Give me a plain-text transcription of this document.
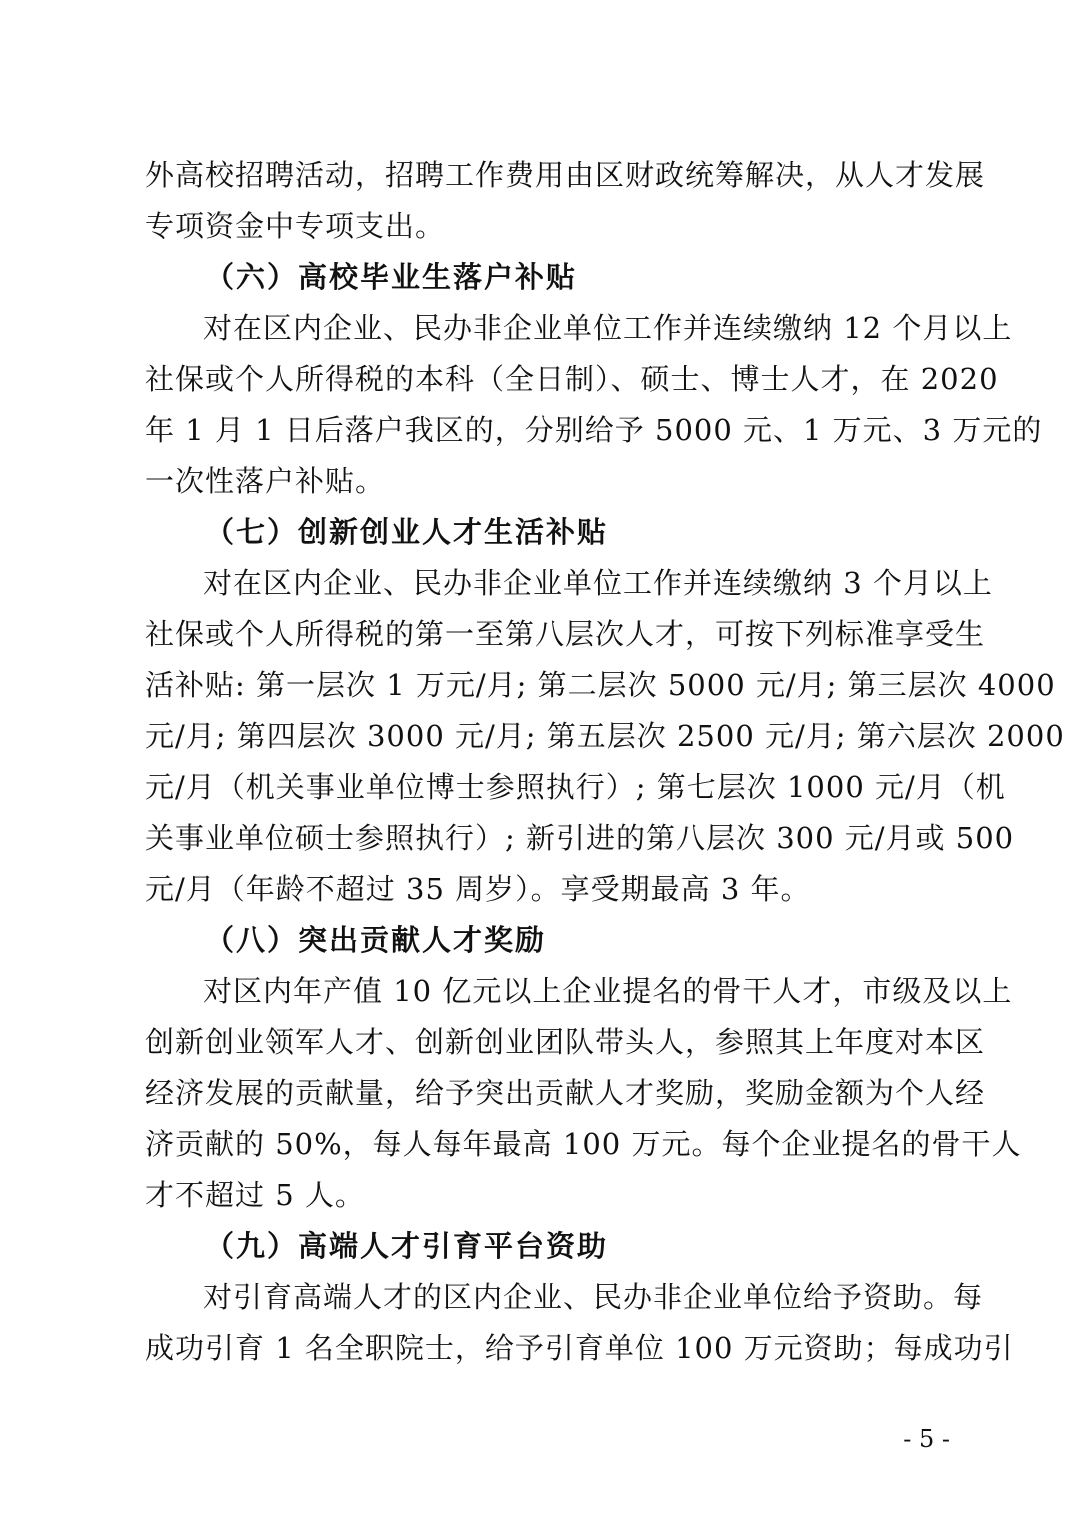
外高校招聘活动，招聘工作费用由区财政统筹解决，从人才发展
专项资金中专项支出。
（六）高校毕业生落户补贴
对在区内企业、民办非企业单位工作并连续缴纳 12 个月以上
社保或个人所得税的本科（全日制）、硕士、博士人才，在 2020
年 1 月 1 日后落户我区的，分别给予 5000 元、1 万元、3 万元的
一次性落户补贴。
（七）创新创业人才生活补贴
对在区内企业、民办非企业单位工作并连续缴纳 3 个月以上
社保或个人所得税的第一至第八层次人才，可按下列标准享受生
活补贴: 第一层次 1 万元/月; 第二层次 5000 元/月; 第三层次 4000
元/月; 第四层次 3000 元/月; 第五层次 2500 元/月; 第六层次 2000
元/月（机关事业单位博士参照执行）; 第七层次 1000 元/月（机
关事业单位硕士参照执行）; 新引进的第八层次 300 元/月或 500
元/月（年龄不超过 35 周岁）。享受期最高 3 年。
（八）突出贡献人才奖励
对区内年产值 10 亿元以上企业提名的骨干人才，市级及以上
创新创业领军人才、创新创业团队带头人，参照其上年度对本区
经济发展的贡献量，给予突出贡献人才奖励，奖励金额为个人经
济贡献的 50%，每人每年最高 100 万元。每个企业提名的骨干人
才不超过 5 人。
（九）高端人才引育平台资助
对引育高端人才的区内企业、民办非企业单位给予资助。每
成功引育 1 名全职院士，给予引育单位 100 万元资助；每成功引
- 5 -
